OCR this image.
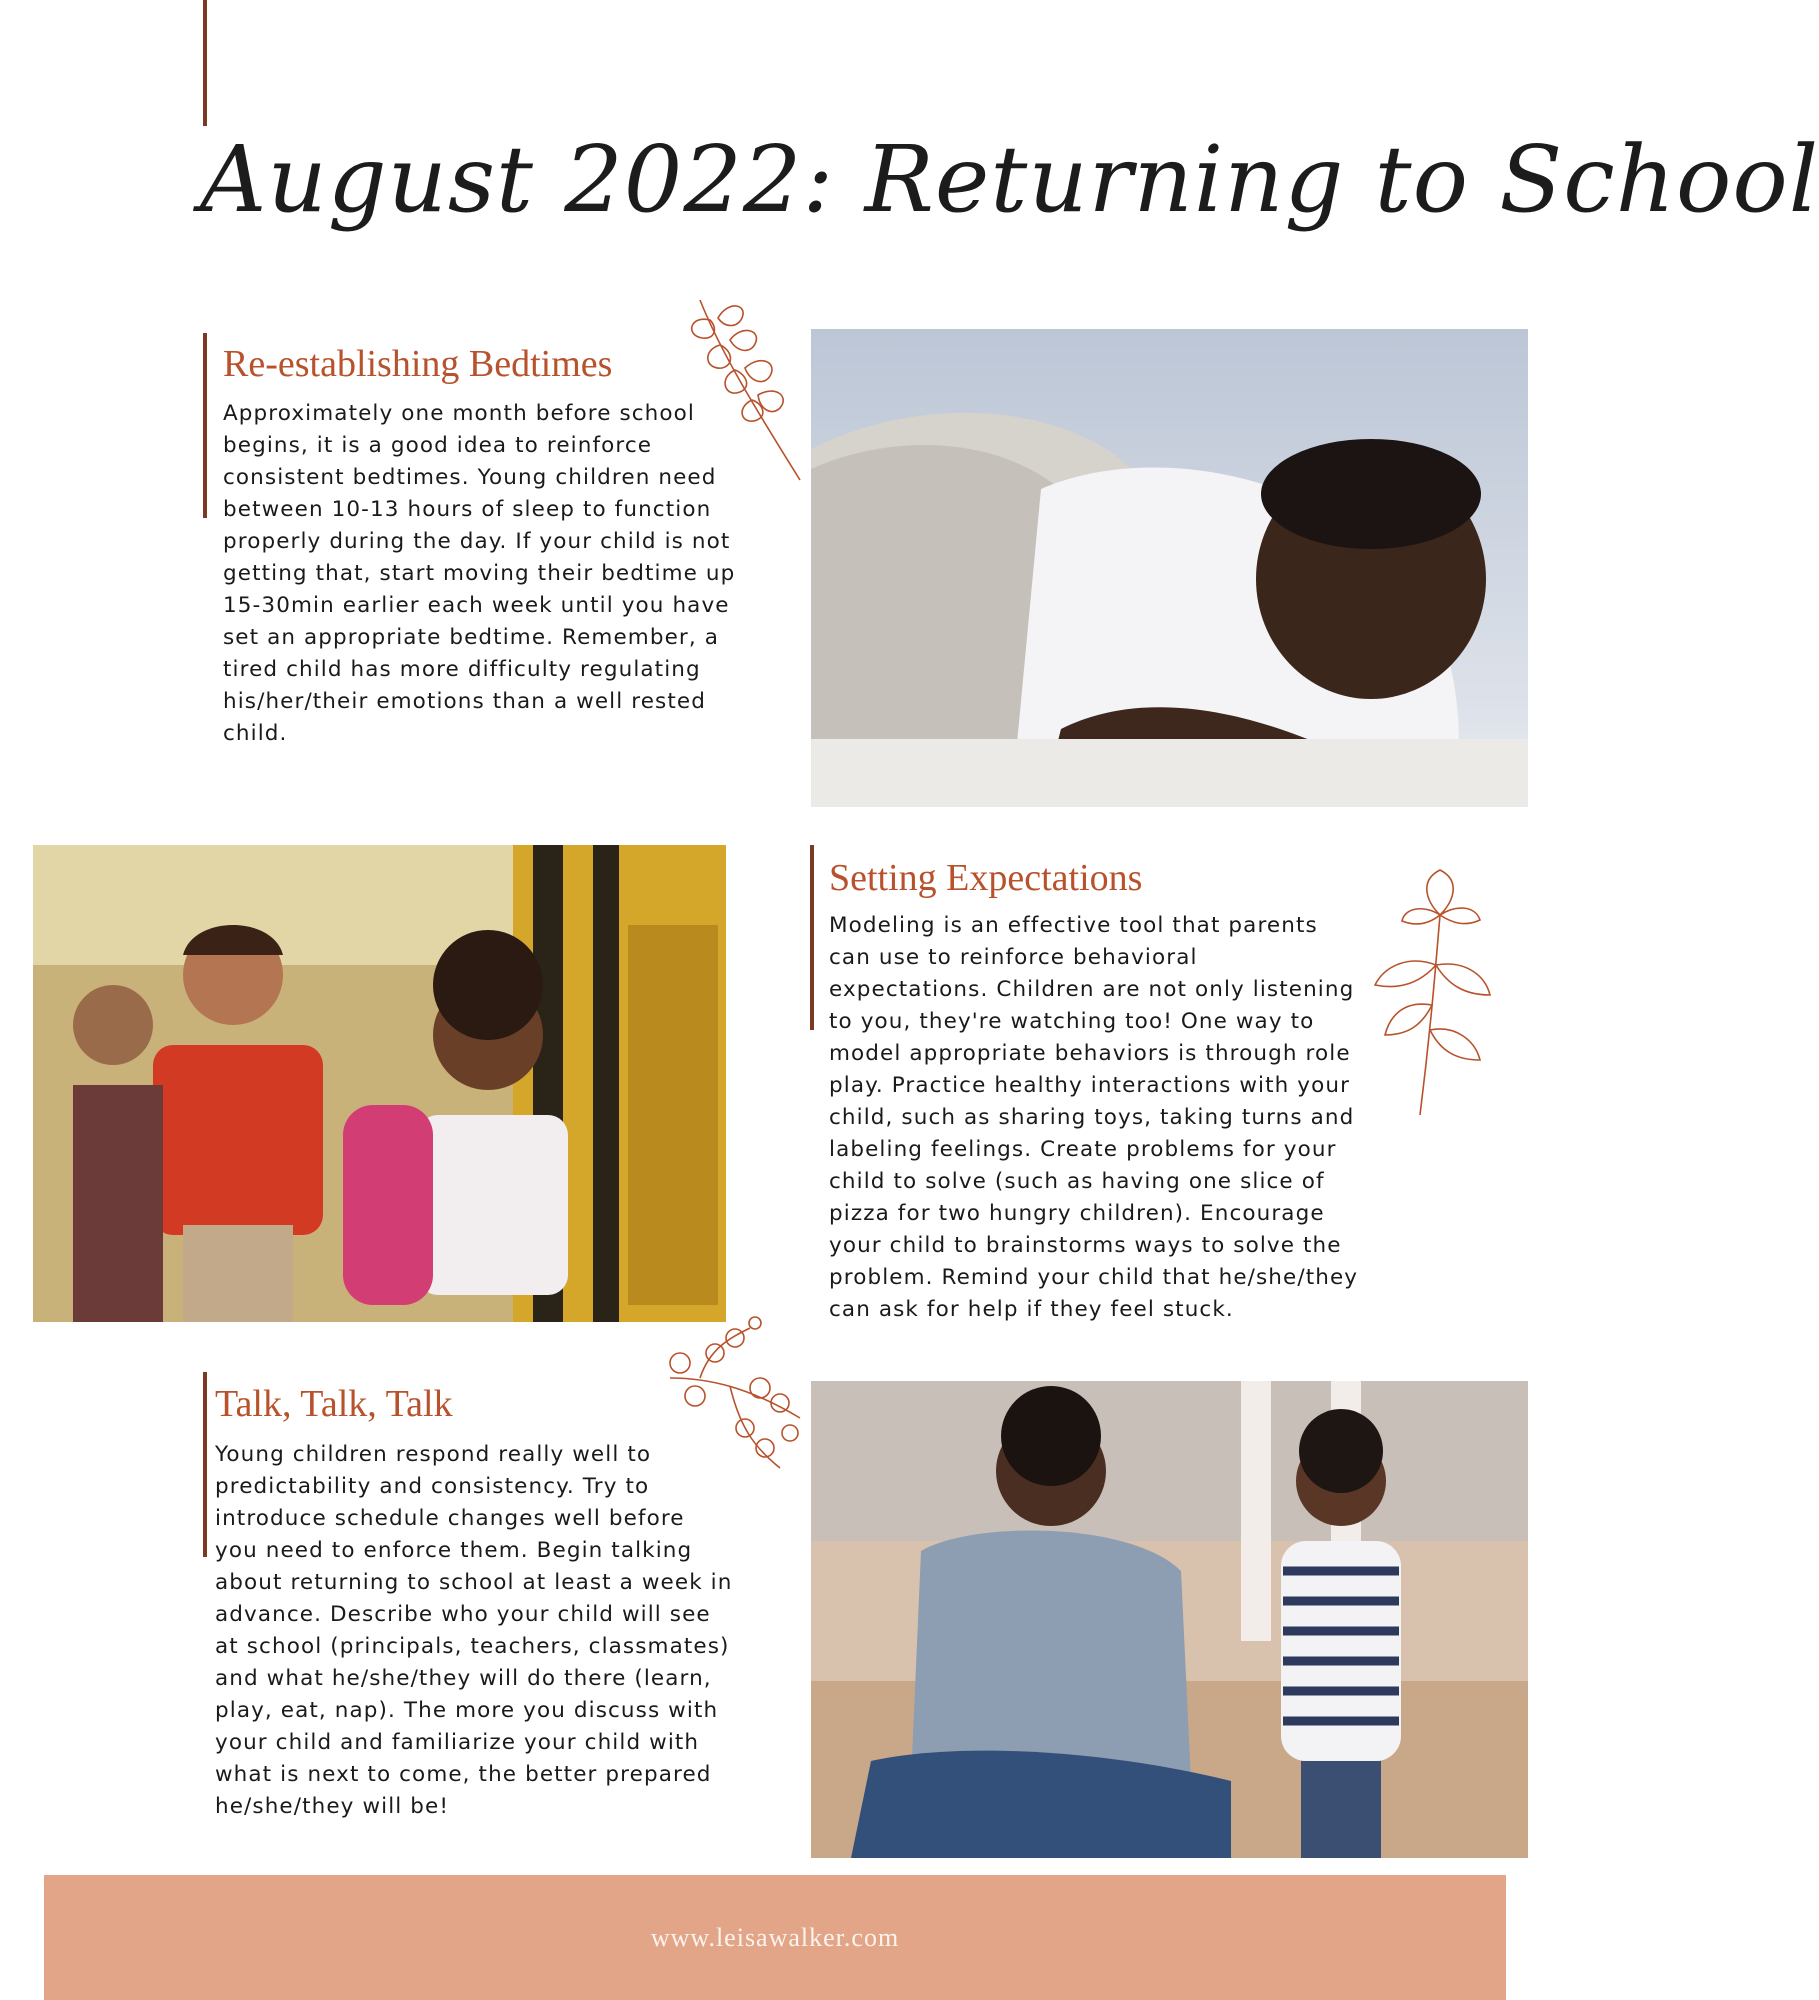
August 2022: Returning to School
Re-establishing Bedtimes
Approximately one month before school begins, it is a good idea to reinforce consistent bedtimes. Young children need between 10-13 hours of sleep to function properly during the day. If your child is not getting that, start moving their bedtime up 15-30min earlier each week until you have set an appropriate bedtime. Remember, a tired child has more difficulty regulating his/her/their emotions than a well rested child.
Setting Expectations
Modeling is an effective tool that parents can use to reinforce behavioral expectations. Children are not only listening to you, they're watching too! One way to model appropriate behaviors is through role play. Practice healthy interactions with your child, such as sharing toys, taking turns and labeling feelings. Create problems for your child to solve (such as having one slice of pizza for two hungry children). Encourage your child to brainstorms ways to solve the problem. Remind your child that he/she/they can ask for help if they feel stuck.
Talk, Talk, Talk
Young children respond really well to predictability and consistency. Try to introduce schedule changes well before you need to enforce them. Begin talking about returning to school at least a week in advance. Describe who your child will see at school (principals, teachers, classmates) and what he/she/they will do there (learn, play, eat, nap). The more you discuss with your child and familiarize your child with what is next to come, the better prepared he/she/they will be!
www.leisawalker.com
